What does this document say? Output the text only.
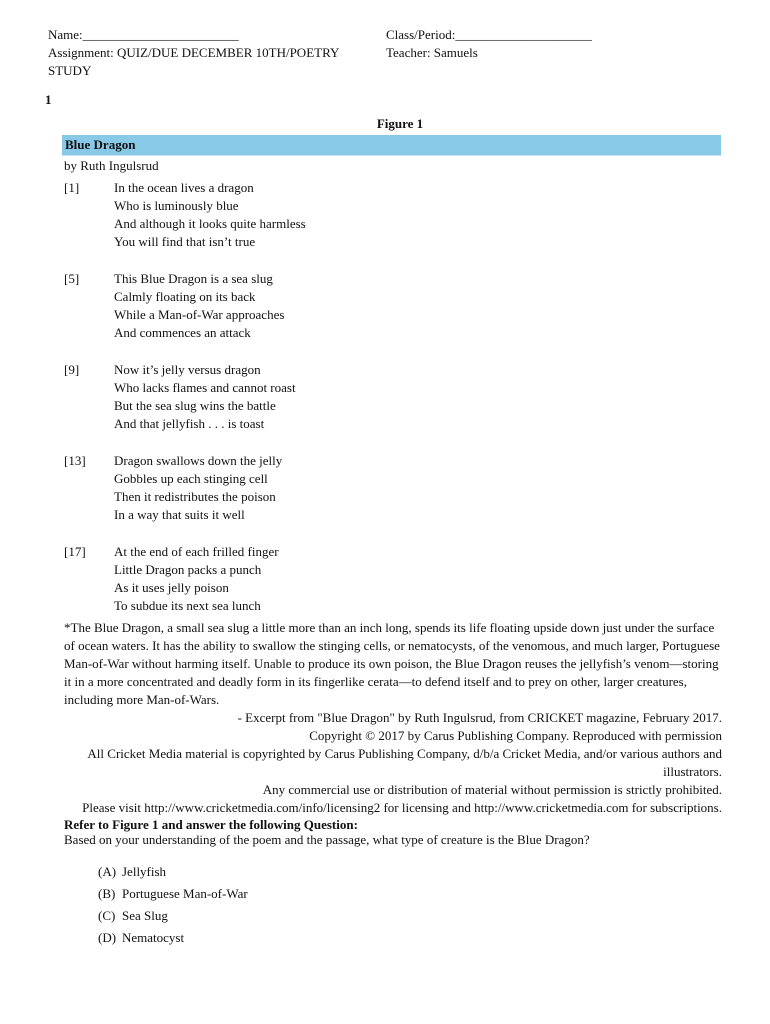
Name:________________________
Assignment: QUIZ/DUE DECEMBER 10TH/POETRY
STUDY
Class/Period:_____________________
Teacher: Samuels
1
Figure 1
Blue Dragon
by Ruth Ingulsrud
[1]	In the ocean lives a dragon
Who is luminously blue
And although it looks quite harmless
You will find that isn’t true
[5]	This Blue Dragon is a sea slug
Calmly floating on its back
While a Man-of-War approaches
And commences an attack
[9]	Now it’s jelly versus dragon
Who lacks flames and cannot roast
But the sea slug wins the battle
And that jellyfish . . . is toast
[13] Dragon swallows down the jelly
Gobbles up each stinging cell
Then it redistributes the poison
In a way that suits it well
[17] At the end of each frilled finger
Little Dragon packs a punch
As it uses jelly poison
To subdue its next sea lunch
*The Blue Dragon, a small sea slug a little more than an inch long, spends its life floating upside down just under the surface of ocean waters. It has the ability to swallow the stinging cells, or nematocysts, of the venomous, and much larger, Portuguese Man-of-War without harming itself. Unable to produce its own poison, the Blue Dragon reuses the jellyfish’s venom—storing it in a more concentrated and deadly form in its fingerlike cerata—to defend itself and to prey on other, larger creatures, including more Man-of-Wars.
- Excerpt from "Blue Dragon" by Ruth Ingulsrud, from CRICKET magazine, February 2017.
Copyright © 2017 by Carus Publishing Company. Reproduced with permission
All Cricket Media material is copyrighted by Carus Publishing Company, d/b/a Cricket Media, and/or various authors and illustrators.
Any commercial use or distribution of material without permission is strictly prohibited.
Please visit http://www.cricketmedia.com/info/licensing2 for licensing and http://www.cricketmedia.com for subscriptions.
Refer to Figure 1 and answer the following Question:
Based on your understanding of the poem and the passage, what type of creature is the Blue Dragon?
(A) Jellyfish
(B) Portuguese Man-of-War
(C) Sea Slug
(D) Nematocyst
